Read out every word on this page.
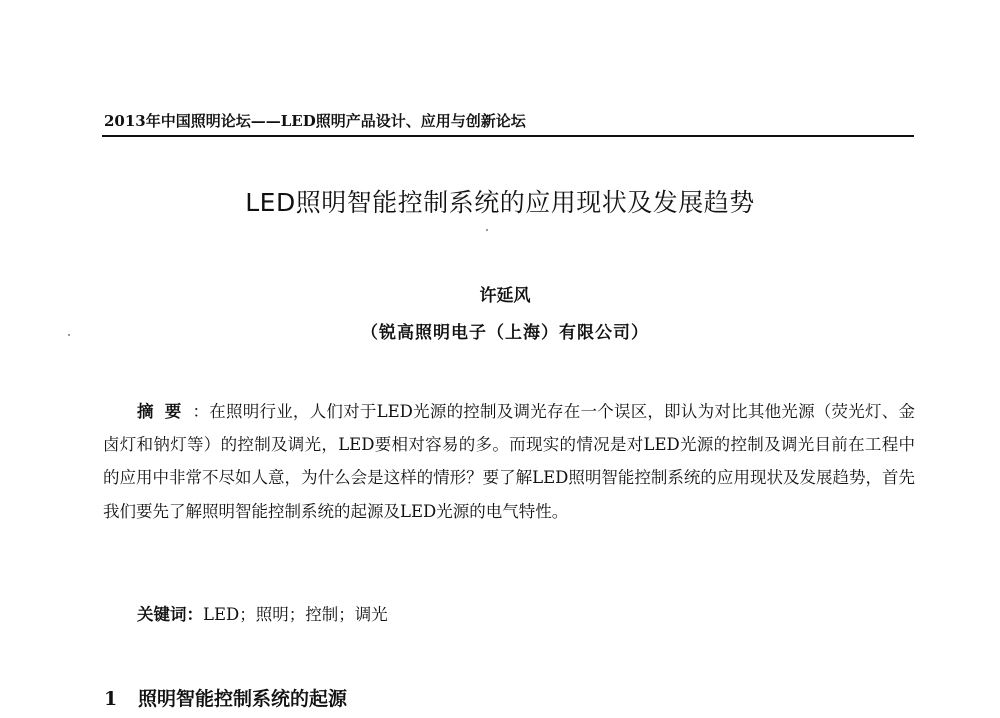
2013年中国照明论坛——LED照明产品设计、应用与创新论坛
LED照明智能控制系统的应用现状及发展趋势
许延风
（锐高照明电子（上海）有限公司）
摘要：在照明行业，人们对于LED光源的控制及调光存在一个误区，即认为对比其他光源（荧光灯、金卤灯和钠灯等）的控制及调光，LED要相对容易的多。而现实的情况是对LED光源的控制及调光目前在工程中的应用中非常不尽如人意，为什么会是这样的情形？要了解LED照明智能控制系统的应用现状及发展趋势，首先我们要先了解照明智能控制系统的起源及LED光源的电气特性。
关键词：LED；照明；控制；调光
1 照明智能控制系统的起源
